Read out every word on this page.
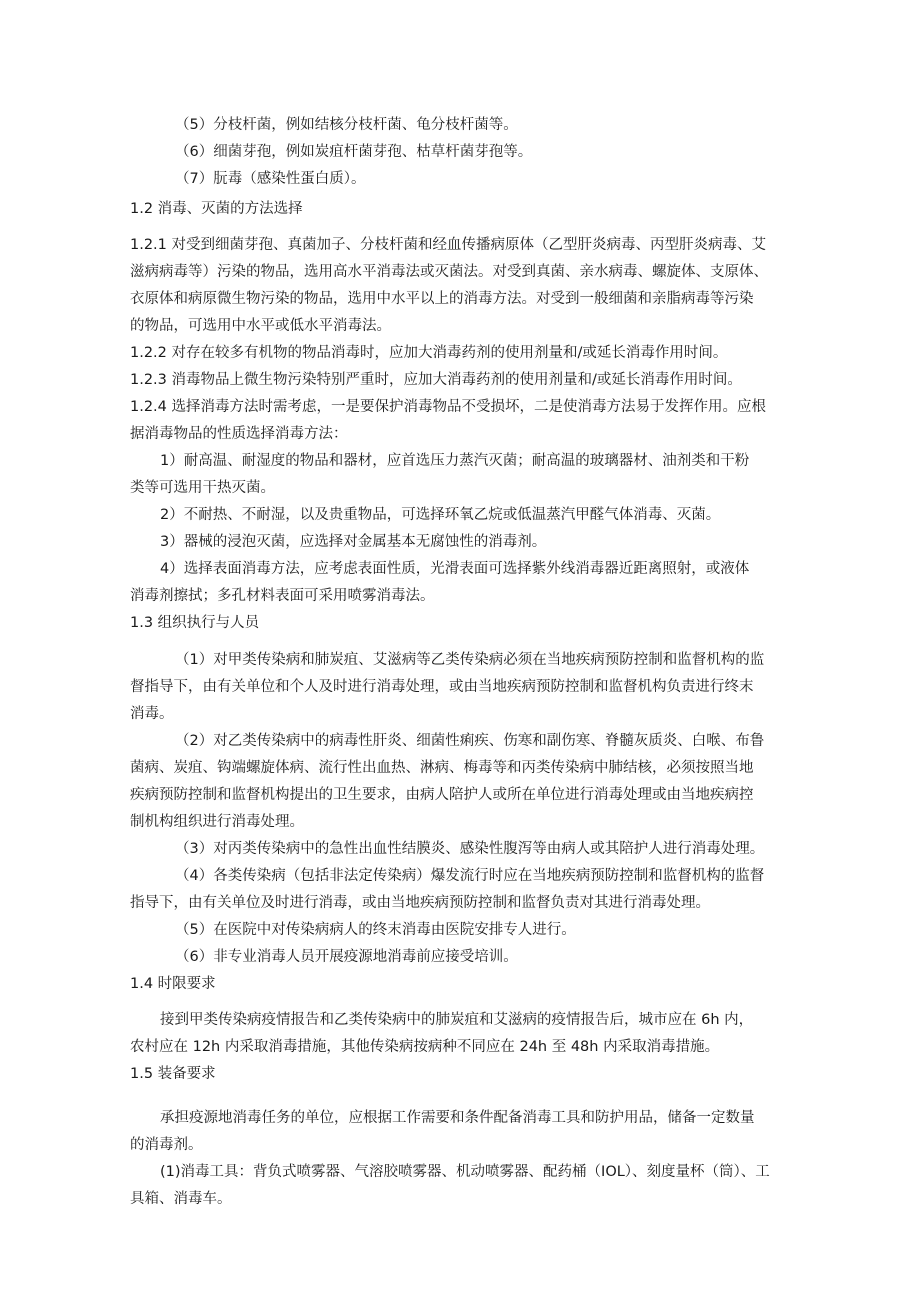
（5）分枝杆菌，例如结核分枝杆菌、龟分枝杆菌等。
（6）细菌芽孢，例如炭疽杆菌芽孢、枯草杆菌芽孢等。
（7）朊毒（感染性蛋白质）。
1.2 消毒、灭菌的方法选择
1.2.1 对受到细菌芽孢、真菌加子、分枝杆菌和经血传播病原体（乙型肝炎病毒、丙型肝炎病毒、艾
滋病病毒等）污染的物品，选用高水平消毒法或灭菌法。对受到真菌、亲水病毒、螺旋体、支原体、
衣原体和病原微生物污染的物品，选用中水平以上的消毒方法。对受到一般细菌和亲脂病毒等污染
的物品，可选用中水平或低水平消毒法。
1.2.2 对存在较多有机物的物品消毒时，应加大消毒药剂的使用剂量和/或延长消毒作用时间。
1.2.3 消毒物品上微生物污染特别严重时，应加大消毒药剂的使用剂量和/或延长消毒作用时间。
1.2.4 选择消毒方法时需考虑，一是要保护消毒物品不受损坏，二是使消毒方法易于发挥作用。应根
据消毒物品的性质选择消毒方法：
1）耐高温、耐湿度的物品和器材，应首选压力蒸汽灭菌；耐高温的玻璃器材、油剂类和干粉
类等可选用干热灭菌。
2）不耐热、不耐湿，以及贵重物品，可选择环氧乙烷或低温蒸汽甲醛气体消毒、灭菌。
3）器械的浸泡灭菌，应选择对金属基本无腐蚀性的消毒剂。
4）选择表面消毒方法，应考虑表面性质，光滑表面可选择紫外线消毒器近距离照射，或液体
消毒剂擦拭；多孔材料表面可采用喷雾消毒法。
1.3 组织执行与人员
（1）对甲类传染病和肺炭疽、艾滋病等乙类传染病必须在当地疾病预防控制和监督机构的监
督指导下，由有关单位和个人及时进行消毒处理，或由当地疾病预防控制和监督机构负责进行终末
消毒。
（2）对乙类传染病中的病毒性肝炎、细菌性痢疾、伤寒和副伤寒、脊髓灰质炎、白喉、布鲁
菌病、炭疽、钩端螺旋体病、流行性出血热、淋病、梅毒等和丙类传染病中肺结核，必须按照当地
疾病预防控制和监督机构提出的卫生要求，由病人陪护人或所在单位进行消毒处理或由当地疾病控
制机构组织进行消毒处理。
（3）对丙类传染病中的急性出血性结膜炎、感染性腹泻等由病人或其陪护人进行消毒处理。
（4）各类传染病（包括非法定传染病）爆发流行时应在当地疾病预防控制和监督机构的监督
指导下，由有关单位及时进行消毒，或由当地疾病预防控制和监督负责对其进行消毒处理。
（5）在医院中对传染病病人的终末消毒由医院安排专人进行。
（6）非专业消毒人员开展疫源地消毒前应接受培训。
1.4 时限要求
接到甲类传染病疫情报告和乙类传染病中的肺炭疽和艾滋病的疫情报告后，城市应在 6h 内，
农村应在 12h 内采取消毒措施，其他传染病按病种不同应在 24h 至 48h 内采取消毒措施。
1.5 装备要求
承担疫源地消毒任务的单位，应根据工作需要和条件配备消毒工具和防护用品，储备一定数量
的消毒剂。
(1)消毒工具：背负式喷雾器、气溶胶喷雾器、机动喷雾器、配药桶（IOL）、刻度量杯（筒）、工
具箱、消毒车。
